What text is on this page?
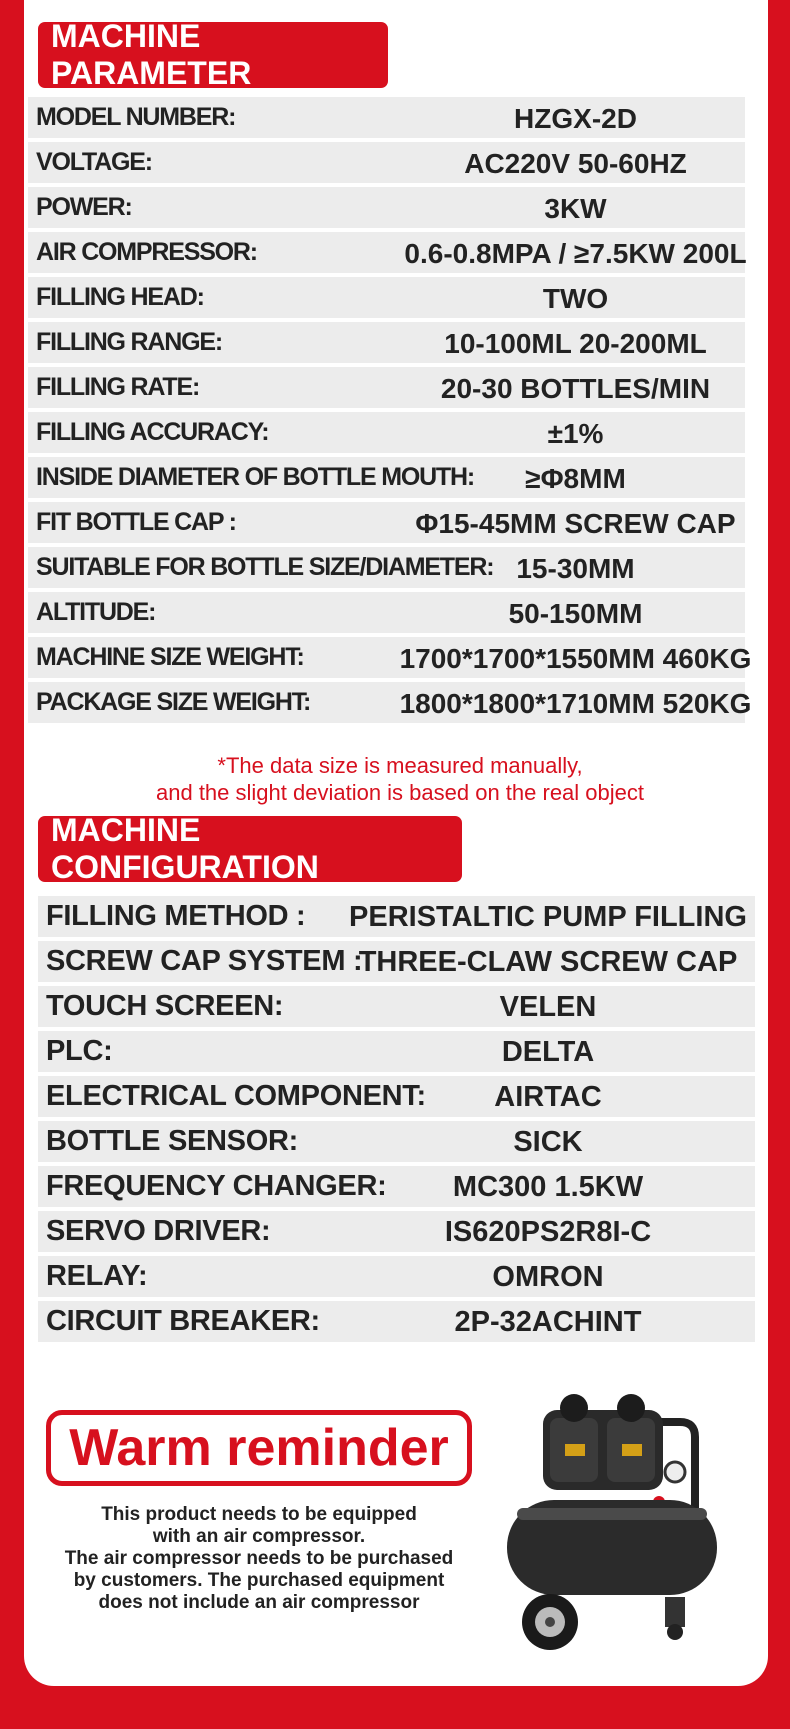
MACHINE PARAMETER
MODEL NUMBER:	HZGX-2D
VOLTAGE:	AC220V 50-60HZ
POWER:	3KW
AIR COMPRESSOR:	0.6-0.8MPA / ≥7.5KW 200L
FILLING HEAD:	TWO
FILLING RANGE:	10-100ML 20-200ML
FILLING RATE:	20-30 BOTTLES/MIN
FILLING ACCURACY:	±1%
INSIDE DIAMETER OF BOTTLE MOUTH:	≥Φ8MM
FIT BOTTLE CAP :	Φ15-45MM SCREW CAP
SUITABLE FOR BOTTLE SIZE/DIAMETER: 15-30MM
ALTITUDE:	50-150MM
MACHINE SIZE WEIGHT:	1700*1700*1550MM 460KG
PACKAGE SIZE WEIGHT:	1800*1800*1710MM 520KG
*The data size is measured manually,
and the slight deviation is based on the real object
MACHINE CONFIGURATION
FILLING METHOD :	PERISTALTIC PUMP FILLING
SCREW CAP SYSTEM :
THREE-CLAW SCREW CAP
TOUCH SCREEN:	VELEN
PLC:	DELTA
ELECTRICAL COMPONENT:	AIRTAC
BOTTLE SENSOR:	SICK
FREQUENCY CHANGER:	MC300 1.5KW
SERVO DRIVER:	IS620PS2R8I-C
RELAY:	OMRON
CIRCUIT BREAKER:	2P-32ACHINT
Warm reminder
This product needs to be equipped
with an air compressor.
The air compressor needs to be purchased
by customers. The purchased equipment
does not include an air compressor
